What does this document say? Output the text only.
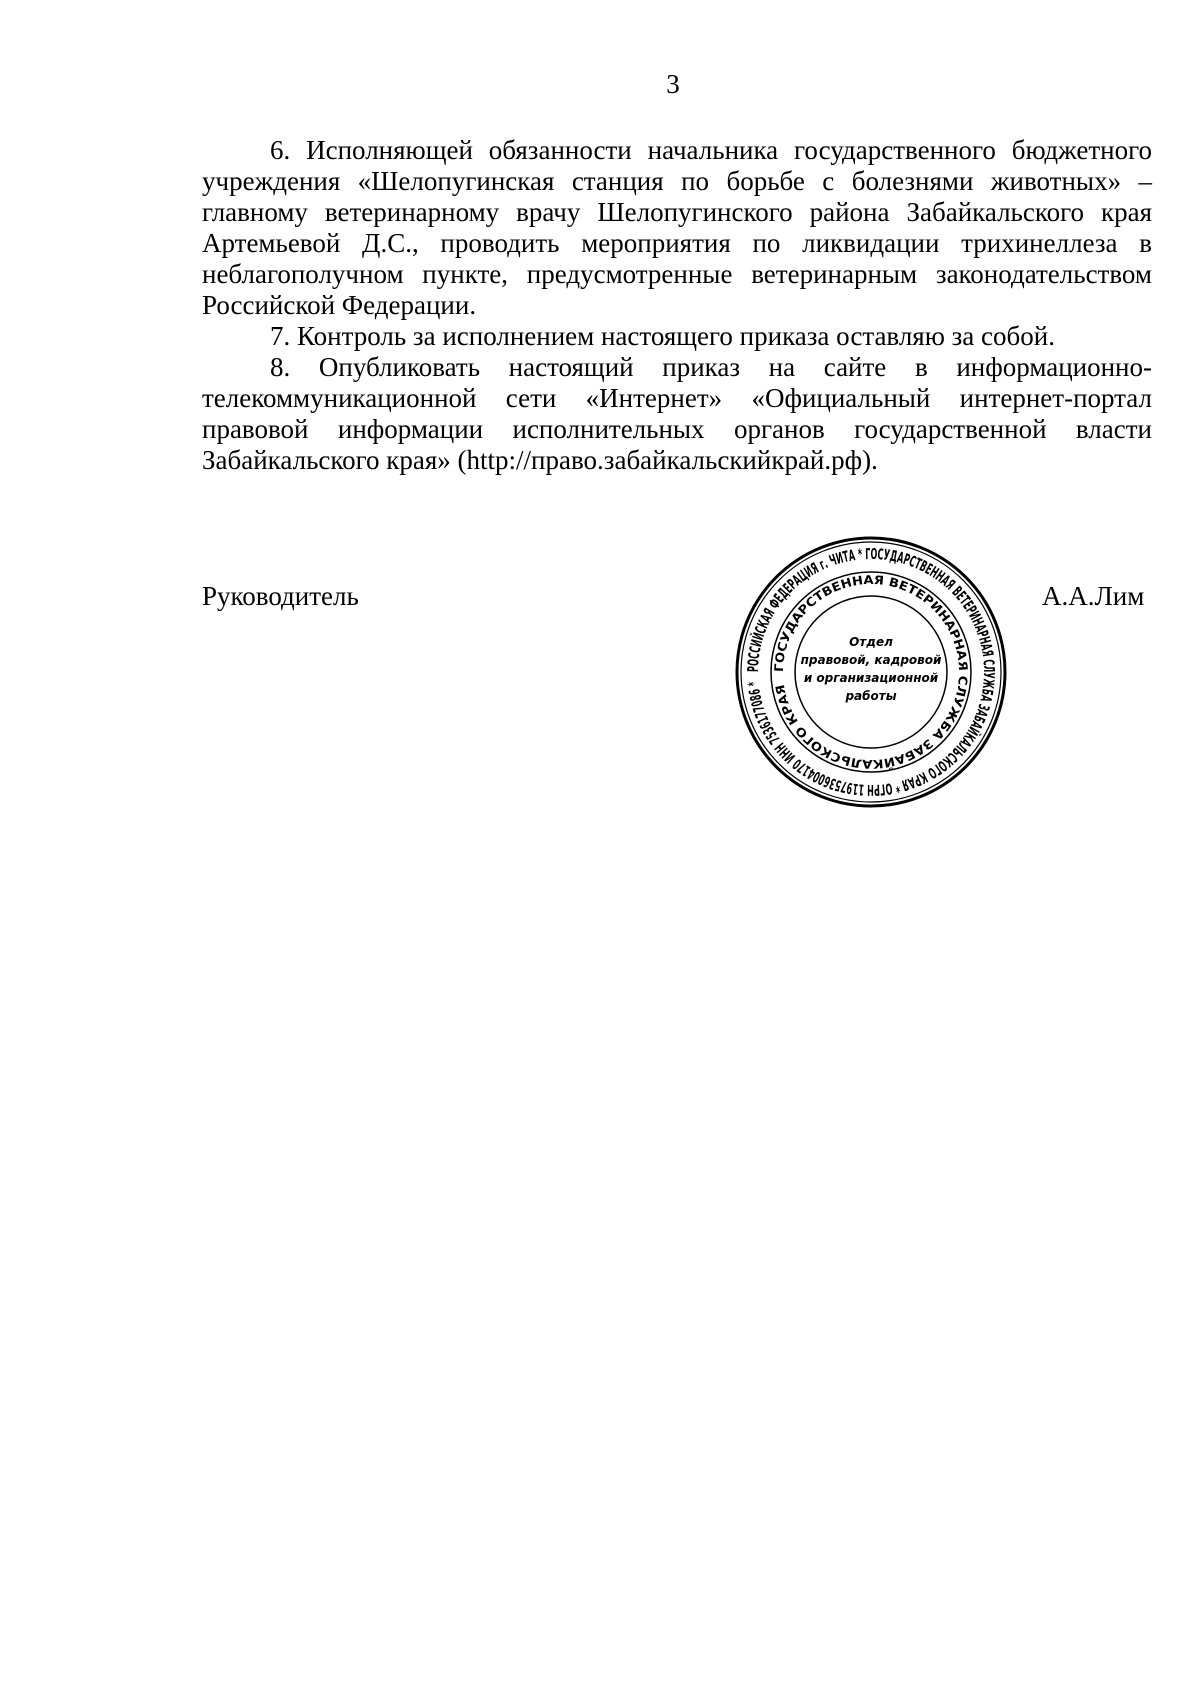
3

6. Исполняющей обязанности начальника государственного бюджетного учреждения «Шелопугинская станция по борьбе с болезнями животных» – главному ветеринарному врачу Шелопугинского района Забайкальского края Артемьевой Д.С., проводить мероприятия по ликвидации трихинеллеза в неблагополучном пункте, предусмотренные ветеринарным законодательством Российской Федерации.

7. Контроль за исполнением настоящего приказа оставляю за собой.

8. Опубликовать настоящий приказ на сайте в информационно-телекоммуникационной сети «Интернет» «Официальный интернет-портал правовой информации исполнительных органов государственной власти Забайкальского края» (http://право.забайкальскийкрай.рф).

Руководитель	А.А.Лим
РОССИЙСКАЯ ФЕДЕРАЦИЯ г. ЧИТА * ГОСУДАРСТВЕННАЯ ВЕТЕРИНАРНАЯ СЛУЖБА ЗАБАЙКАЛЬСКОГО КРАЯ * ОГРН 1197536004170 ИНН 7536177086 *
ГОСУДАРСТВЕННАЯ ВЕТЕРИНАРНАЯ СЛУЖБА ЗАБАЙКАЛЬСКОГО КРАЯ
Отдел
правовой, кадровой
и организационной
работы
